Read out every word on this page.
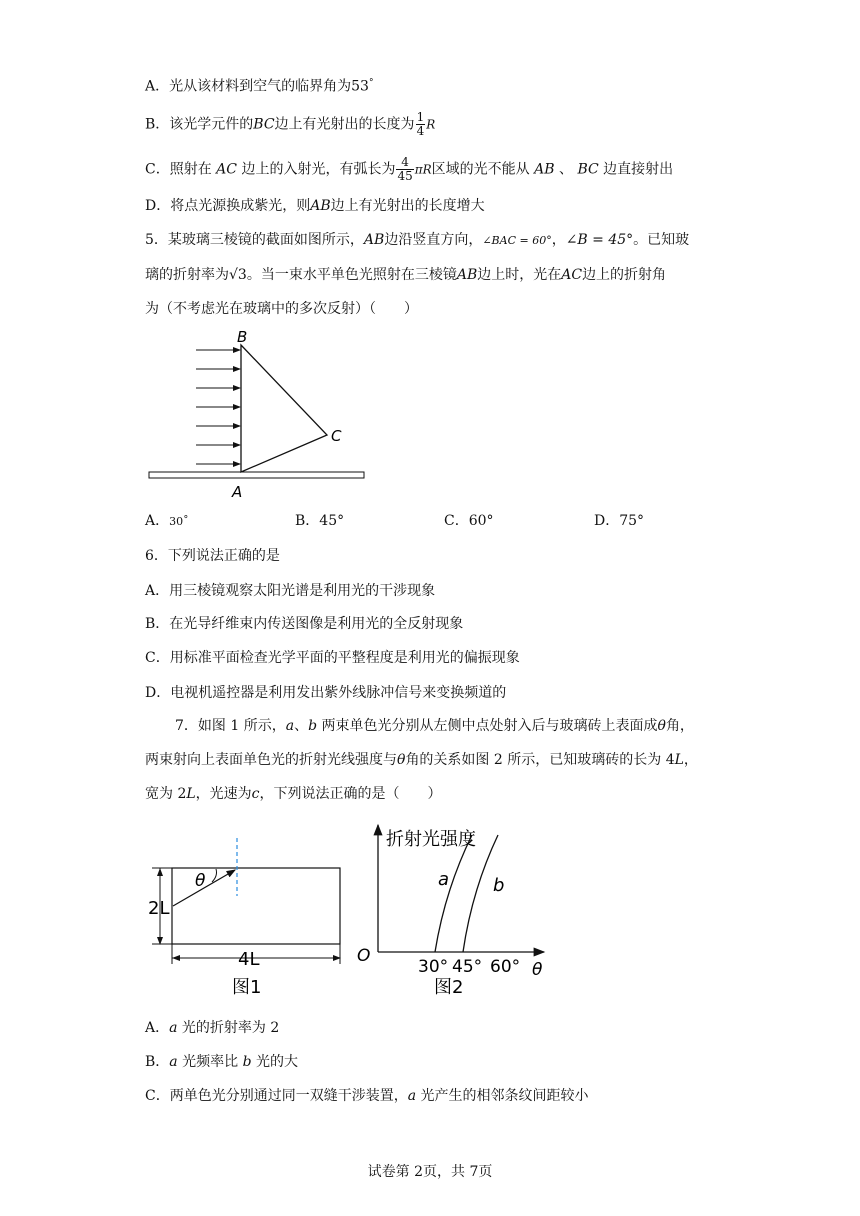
A．光从该材料到空气的临界角为53°
B．该光学元件的BC边上有光射出的长度为 $\frac{1}{4}$ R
C．照射在 AC 边上的入射光，有弧长为 $\frac{4}{45}$ πR区域的光不能从 AB 、 BC 边直接射出
D．将点光源换成紫光，则AB边上有光射出的长度增大
5．某玻璃三棱镜的截面如图所示，AB边沿竖直方向，∠BAC = 60°，∠B = 45°。已知玻
璃的折射率为√3。当一束水平单色光照射在三棱镜AB边上时，光在AC边上的折射角
为（不考虑光在玻璃中的多次反射）（　　）
B
C
A
A．30˚	B．45°	C．60°	D．75°
6．下列说法正确的是
A．用三棱镜观察太阳光谱是利用光的干涉现象
B．在光导纤维束内传送图像是利用光的全反射现象
C．用标准平面检查光学平面的平整程度是利用光的偏振现象
D．电视机遥控器是利用发出紫外线脉冲信号来变换频道的
7．如图 1 所示，a、b 两束单色光分别从左侧中点处射入后与玻璃砖上表面成θ角，
两束射向上表面单色光的折射光线强度与θ角的关系如图 2 所示，已知玻璃砖的长为 4L，
宽为 2L，光速为c，下列说法正确的是（　　）
θ
2L
4L
图1
折射光强度
O
a b
30° 45° 60° θ
图2
A．a 光的折射率为 2
B．a 光频率比 b 光的大
C．两单色光分别通过同一双缝干涉装置，a 光产生的相邻条纹间距较小
试卷第 2页，共 7页
